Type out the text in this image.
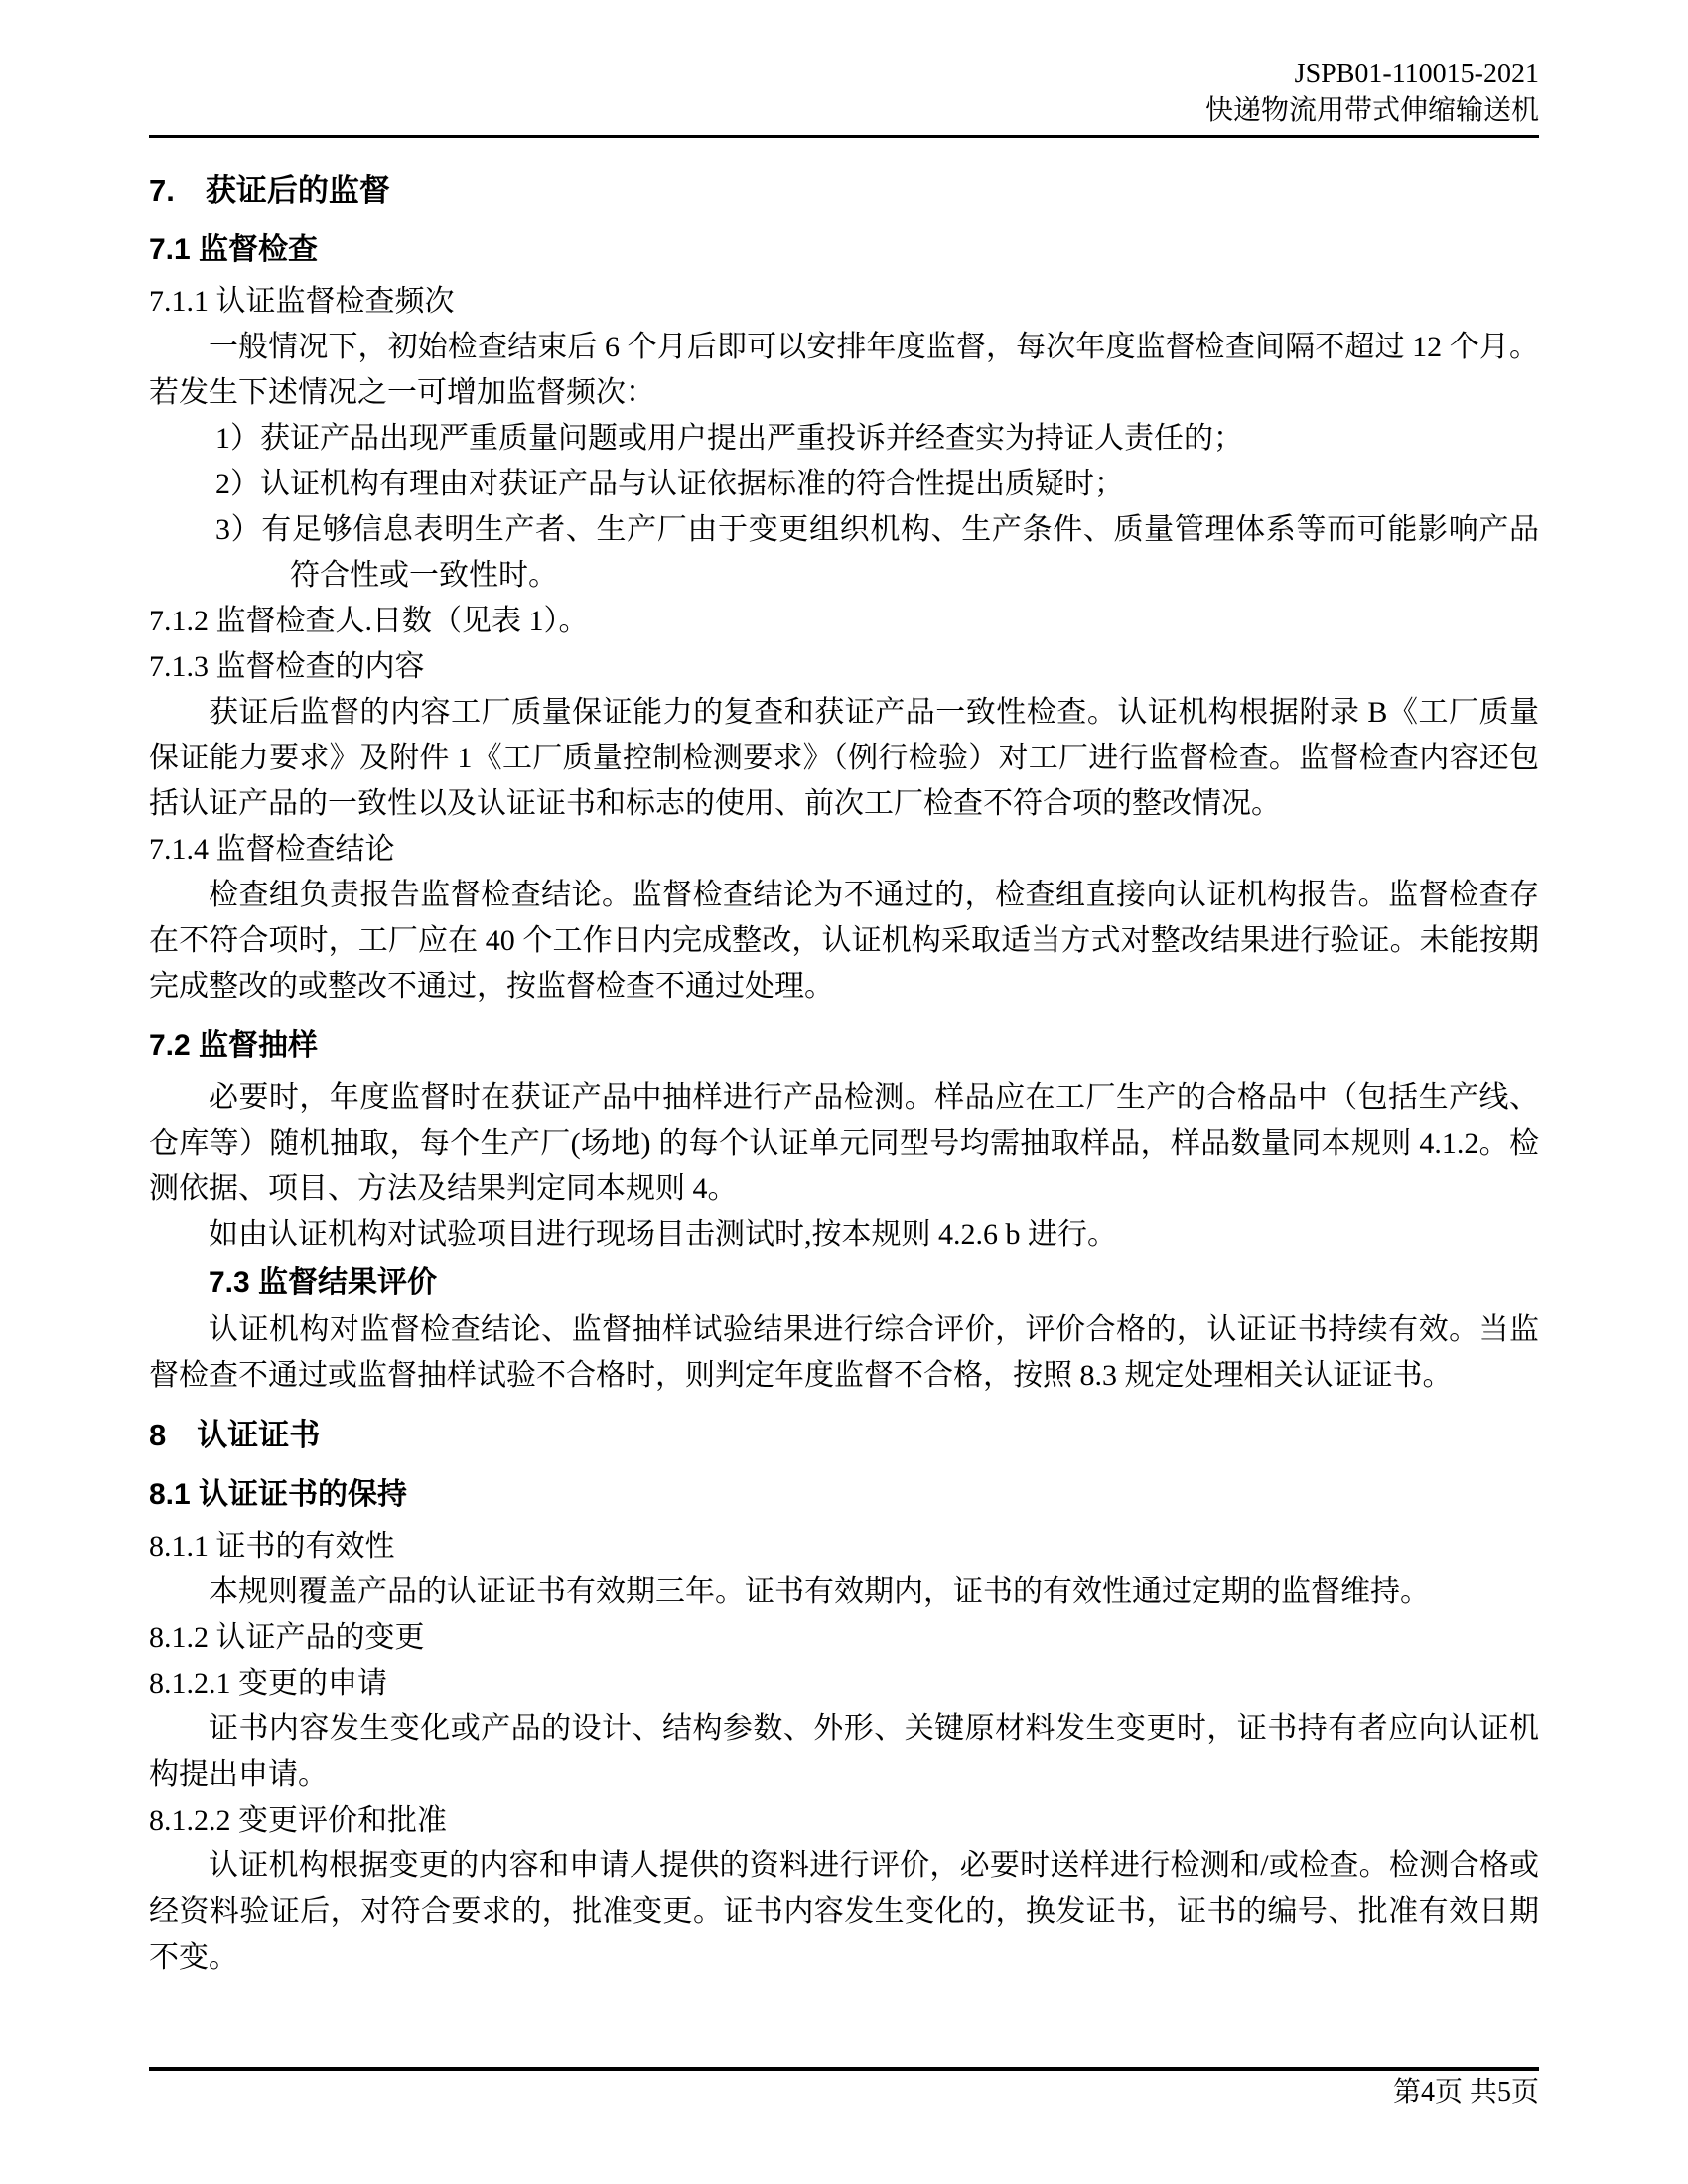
JSPB01-110015-2021
快递物流用带式伸缩输送机
7.　获证后的监督
7.1 监督检查
7.1.1 认证监督检查频次
一般情况下，初始检查结束后 6 个月后即可以安排年度监督，每次年度监督检查间隔不超过 12 个月。若发生下述情况之一可增加监督频次：
1）获证产品出现严重质量问题或用户提出严重投诉并经查实为持证人责任的；
2）认证机构有理由对获证产品与认证依据标准的符合性提出质疑时；
3）有足够信息表明生产者、生产厂由于变更组织机构、生产条件、质量管理体系等而可能影响产品符合性或一致性时。
7.1.2 监督检查人.日数（见表 1）。
7.1.3 监督检查的内容
获证后监督的内容工厂质量保证能力的复查和获证产品一致性检查。认证机构根据附录 B《工厂质量保证能力要求》及附件 1《工厂质量控制检测要求》（例行检验）对工厂进行监督检查。监督检查内容还包括认证产品的一致性以及认证证书和标志的使用、前次工厂检查不符合项的整改情况。
7.1.4 监督检查结论
检查组负责报告监督检查结论。监督检查结论为不通过的，检查组直接向认证机构报告。监督检查存在不符合项时，工厂应在 40 个工作日内完成整改，认证机构采取适当方式对整改结果进行验证。未能按期完成整改的或整改不通过，按监督检查不通过处理。
7.2 监督抽样
必要时，年度监督时在获证产品中抽样进行产品检测。样品应在工厂生产的合格品中（包括生产线、仓库等）随机抽取，每个生产厂(场地) 的每个认证单元同型号均需抽取样品，样品数量同本规则 4.1.2。检测依据、项目、方法及结果判定同本规则 4。
如由认证机构对试验项目进行现场目击测试时,按本规则 4.2.6 b 进行。
7.3 监督结果评价
认证机构对监督检查结论、监督抽样试验结果进行综合评价，评价合格的，认证证书持续有效。当监督检查不通过或监督抽样试验不合格时，则判定年度监督不合格，按照 8.3 规定处理相关认证证书。
8　认证证书
8.1 认证证书的保持
8.1.1 证书的有效性
本规则覆盖产品的认证证书有效期三年。证书有效期内，证书的有效性通过定期的监督维持。
8.1.2 认证产品的变更
8.1.2.1 变更的申请
证书内容发生变化或产品的设计、结构参数、外形、关键原材料发生变更时，证书持有者应向认证机构提出申请。
8.1.2.2 变更评价和批准
认证机构根据变更的内容和申请人提供的资料进行评价，必要时送样进行检测和/或检查。检测合格或经资料验证后，对符合要求的，批准变更。证书内容发生变化的，换发证书，证书的编号、批准有效日期不变。
第4页 共5页
